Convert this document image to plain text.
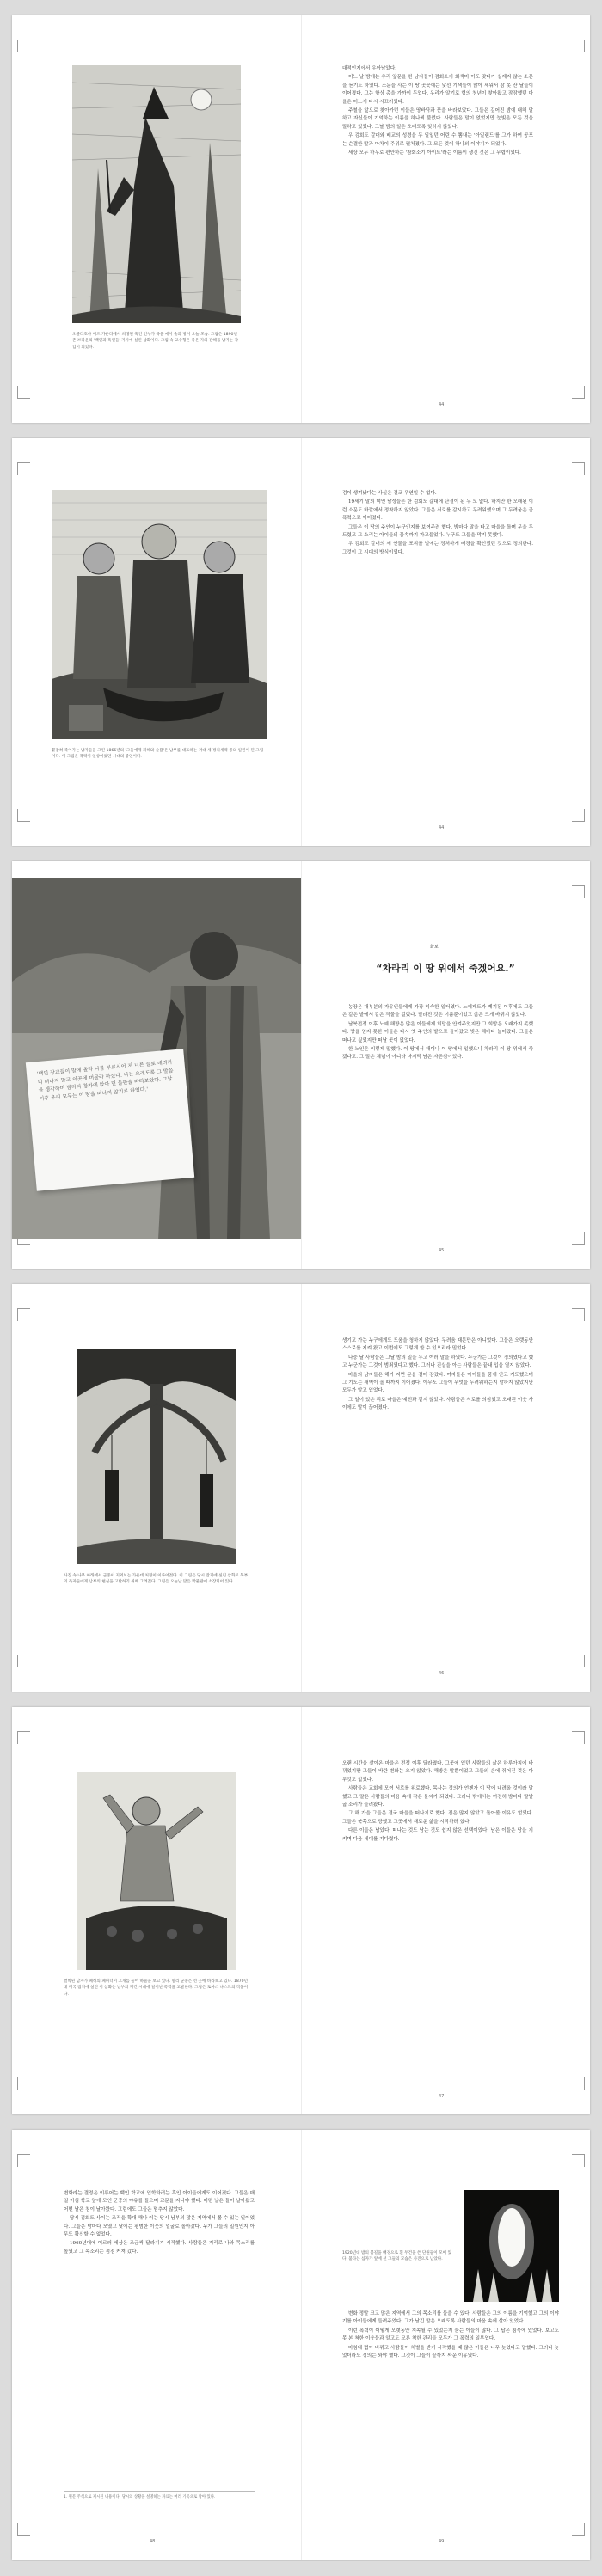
오클라호마 어드 카운티에서 희생된 흑인 인부가 목을 매어 숲과 방어 오늘 모습. 그림은 1890년 존 브라운의 '백인과 흑인들' 기사에 실린 삽화이다. 그림 속 교수형은 죽은 자의 잔해를 남기는 작업이 되었다.

대적인지에서 우아남았다.

어느 날 밤에는 우리 앞문을 한 남자들이 검회소기 회색머 이도 맞다가 실제지 않는 소문을 듣기도 하였다. 소문을 사는 이 땅 곳곳에는 낯선 기색들이 많아 세워서 잠 못 잔 날들이 이어졌다. 그는 항상 총을 가까이 두었다. 우리가 알기로 형의 청년이 찾아왔고 잠잠했던 마을은 어느새 다시 시끄러웠다.

주철을 앞으로 찾아가던 이들은 땅바닥과 끈을 바라보았다. 그들은 깊어진 밤에 대해 말하고 자신들이 기억하는 이름을 하나씩 불렀다. 사람들은 말이 없었지만 눈빛은 모든 것을 말하고 있었다. 그날 밤의 일은 오래도록 잊히지 않았다.

우 검회도 갈대와 배교의 성경을 두 일일던 어린 수 뽐내는 '아일랜드'를 그가 하여 공포는 순결한 말과 마차이 주위로 펼쳐졌다. 그 모든 것이 하나의 이야기가 되었다.

세상 모두 하우로 편안하는 '참회소기 아이트'라는 이름이 생긴 것은 그 무렵이었다.

44
붙잡혀 죽어가는 남자들을 그린 1866년의 '그들에게 피해와 슬픔'은 남부를 대표하는 거대 세 정치세력 중의 일원이 된 그림이다. 이 그림은 폭력이 일상이었던 시대의 증언이다.

검이 생겨났다는 사실은 결코 우연일 수 없다.

19세기 말의 백인 남성들은 한 검회도 갈대에 단결이 된 두 도 없다. 하지만 한 오래된 이런 소문도 바깥에서 정착하지 않았다. 그들은 서로를 감시하고 두려워했으며 그 두려움은 곧 폭력으로 이어졌다.

그들은 이 땅의 주인이 누구인지를 보여주려 했다. 밤마다 말을 타고 마을을 돌며 문을 두드렸고 그 소리는 아이들의 꿈속까지 파고들었다. 누구도 그들을 막지 못했다.

우 검회도 갈대의 세 인물을 포위를 벌에는 정처하게 배경을 확인했던 것으로 정의한다. 그것이 그 시대의 방식이었다.

44
'백인 장교들이 말에 올라 나를 부르시어 저 너른 들로 데려가니 떠나지 말고 이곳에 머물라 하셨다. 나는 오래도록 그 말씀을 생각하며 밤마다 창가에 앉아 먼 들판을 바라보았다. 그날 이후 우리 모두는 이 땅을 떠나지 않기로 하였다.'
화보
“차라리 이 땅 위에서 죽겠어요.”

농장은 대부분의 자유인들에게 가장 익숙한 일터였다. 노예제도가 폐지된 이후에도 그들은 같은 밭에서 같은 작물을 길렀다. 달라진 것은 이름뿐이었고 삶은 크게 바뀌지 않았다.

남북전쟁 이후 노예 해방은 많은 이들에게 희망을 안겨주었지만 그 희망은 오래가지 못했다. 땅을 얻지 못한 이들은 다시 옛 주인의 밭으로 돌아갔고 빚은 해마다 늘어갔다. 그들은 떠나고 싶었지만 떠날 곳이 없었다.

한 노인은 이렇게 말했다. 이 땅에서 태어나 이 땅에서 일했으니 차라리 이 땅 위에서 죽겠다고. 그 말은 체념이 아니라 마지막 남은 자존심이었다.

45
사진 속 나무 아래에서 군중이 지켜보는 가운데 처형이 이루어졌다. 이 그림은 당시 잡지에 실린 삽화로 북부의 독자들에게 남부의 현실을 고발하기 위해 그려졌다. 그림은 오늘날 많은 박물관에 소장되어 있다.

생기고 가는 누구에게도 도움을 청하지 않았다. 두려움 때문만은 아니었다. 그들은 오랫동안 스스로를 지켜 왔고 이번에도 그렇게 할 수 있으리라 믿었다.

나중 날 사람들은 그날 밤의 일을 두고 여러 말을 하였다. 누군가는 그것이 정의였다고 했고 누군가는 그것이 범죄였다고 했다. 그러나 진실을 아는 사람들은 끝내 입을 열지 않았다.

마을의 남자들은 해가 지면 문을 걸어 잠갔다. 여자들은 아이들을 품에 안고 기도했으며 그 기도는 새벽이 올 때까지 이어졌다. 아무도 그들이 무엇을 두려워하는지 말하지 않았지만 모두가 알고 있었다.

그 일이 있은 뒤로 마을은 예전과 같지 않았다. 사람들은 서로를 의심했고 오래된 이웃 사이에도 말이 끊어졌다.

46
결박된 남자가 폐허의 폐허더미 고개를 들어 하늘을 보고 있다. 멀리 군중은 선 곳에 바라보고 있다. 1870년대 미국 잡지에 실린 이 삽화는 남부의 재건 시대에 일어난 폭력을 고발한다. 그림은 토마스 나스트의 작품이다.

오랜 시간을 살아온 마을은 전쟁 이후 달라졌다. 그곳에 있던 사람들의 삶은 하루아침에 바뀌었지만 그들이 바란 변화는 오지 않았다. 해방은 말뿐이었고 그들의 손에 쥐어진 것은 아무것도 없었다.

사람들은 교회에 모여 서로를 위로했다. 목사는 정의가 언젠가 이 땅에 내려올 것이라 말했고 그 말은 사람들의 마음 속에 작은 불씨가 되었다. 그러나 밖에서는 여전히 밤마다 말발굽 소리가 들려왔다.

그 해 가을 그들은 결국 마을을 떠나기로 했다. 짐은 많지 않았고 돌아볼 이유도 없었다. 그들은 북쪽으로 향했고 그곳에서 새로운 삶을 시작하려 했다.

다른 이들은 남았다. 떠나는 것도 남는 것도 쉽지 않은 선택이었다. 남은 이들은 땅을 지키며 다음 세대를 기다렸다.

47

변화라는 결정은 이루어는 백인 학교에 입학하려는 흑인 아이들에게도 이어졌다. 그들은 매일 아침 학교 앞에 모인 군중의 야유를 들으며 교문을 지나야 했다. 어떤 날은 돌이 날아왔고 어떤 날은 침이 날아왔다. 그럼에도 그들은 멈추지 않았다.

당시 검회도 사이는 조직을 확대 해나 이는 당시 남부의 많은 지역에서 볼 수 있는 일이었다. 그들은 밤마다 모였고 낮에는 평범한 이웃의 얼굴로 돌아갔다. 누가 그들의 일원인지 아무도 확신할 수 없었다.

1960년대에 이르러 세상은 조금씩 달라지기 시작했다. 사람들은 거리로 나와 목소리를 높였고 그 목소리는 점점 커져 갔다.

1. 원문 주석으로 제시된 내용이다. 당시의 상황을 설명하는 자료는 여러 기록으로 남아 있다.
48
1920년대 밤의 불길을 배경으로 흰 두건을 쓴 단원들이 모여 있다. 불타는 십자가 앞에 선 그들의 모습은 사진으로 남았다.

변화 정말 크고 많은 지역에서 그의 목소리를 들을 수 있다. 사람들은 그의 이름을 기억했고 그의 이야기를 아이들에게 들려주었다. 그가 남긴 말은 오래도록 사람들의 마음 속에 살아 있었다.

이런 폭력이 어떻게 오랫동안 지속될 수 있었는지 묻는 이들이 많다. 그 답은 침묵에 있었다. 보고도 못 본 척한 이웃들과 알고도 모른 척한 관리들 모두가 그 폭력의 일부였다.

마침내 법이 바뀌고 사람들이 처벌을 받기 시작했을 때 많은 이들은 너무 늦었다고 말했다. 그러나 늦었더라도 정의는 와야 했다. 그것이 그들이 끝까지 싸운 이유였다.

49
